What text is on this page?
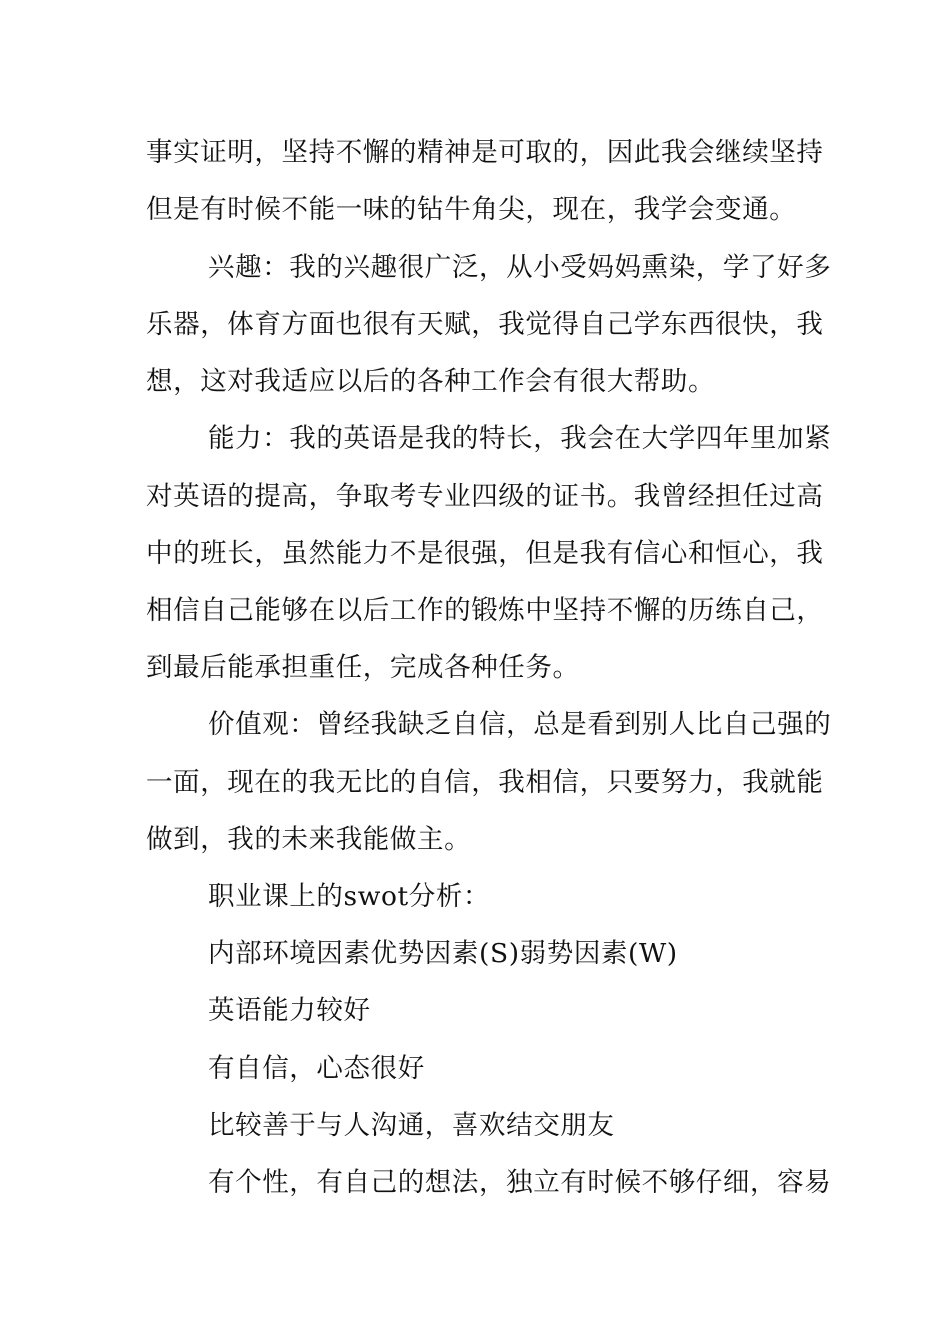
事实证明，坚持不懈的精神是可取的，因此我会继续坚持
但是有时候不能一味的钻牛角尖，现在，我学会变通。
兴趣：我的兴趣很广泛，从小受妈妈熏染，学了好多
乐器，体育方面也很有天赋，我觉得自己学东西很快，我
想，这对我适应以后的各种工作会有很大帮助。
能力：我的英语是我的特长，我会在大学四年里加紧
对英语的提高，争取考专业四级的证书。我曾经担任过高
中的班长，虽然能力不是很强，但是我有信心和恒心，我
相信自己能够在以后工作的锻炼中坚持不懈的历练自己，
到最后能承担重任，完成各种任务。
价值观：曾经我缺乏自信，总是看到别人比自己强的
一面，现在的我无比的自信，我相信，只要努力，我就能
做到，我的未来我能做主。
职业课上的swot分析：
内部环境因素优势因素(S)弱势因素(W)
英语能力较好
有自信，心态很好
比较善于与人沟通，喜欢结交朋友
有个性，有自己的想法，独立有时候不够仔细，容易
